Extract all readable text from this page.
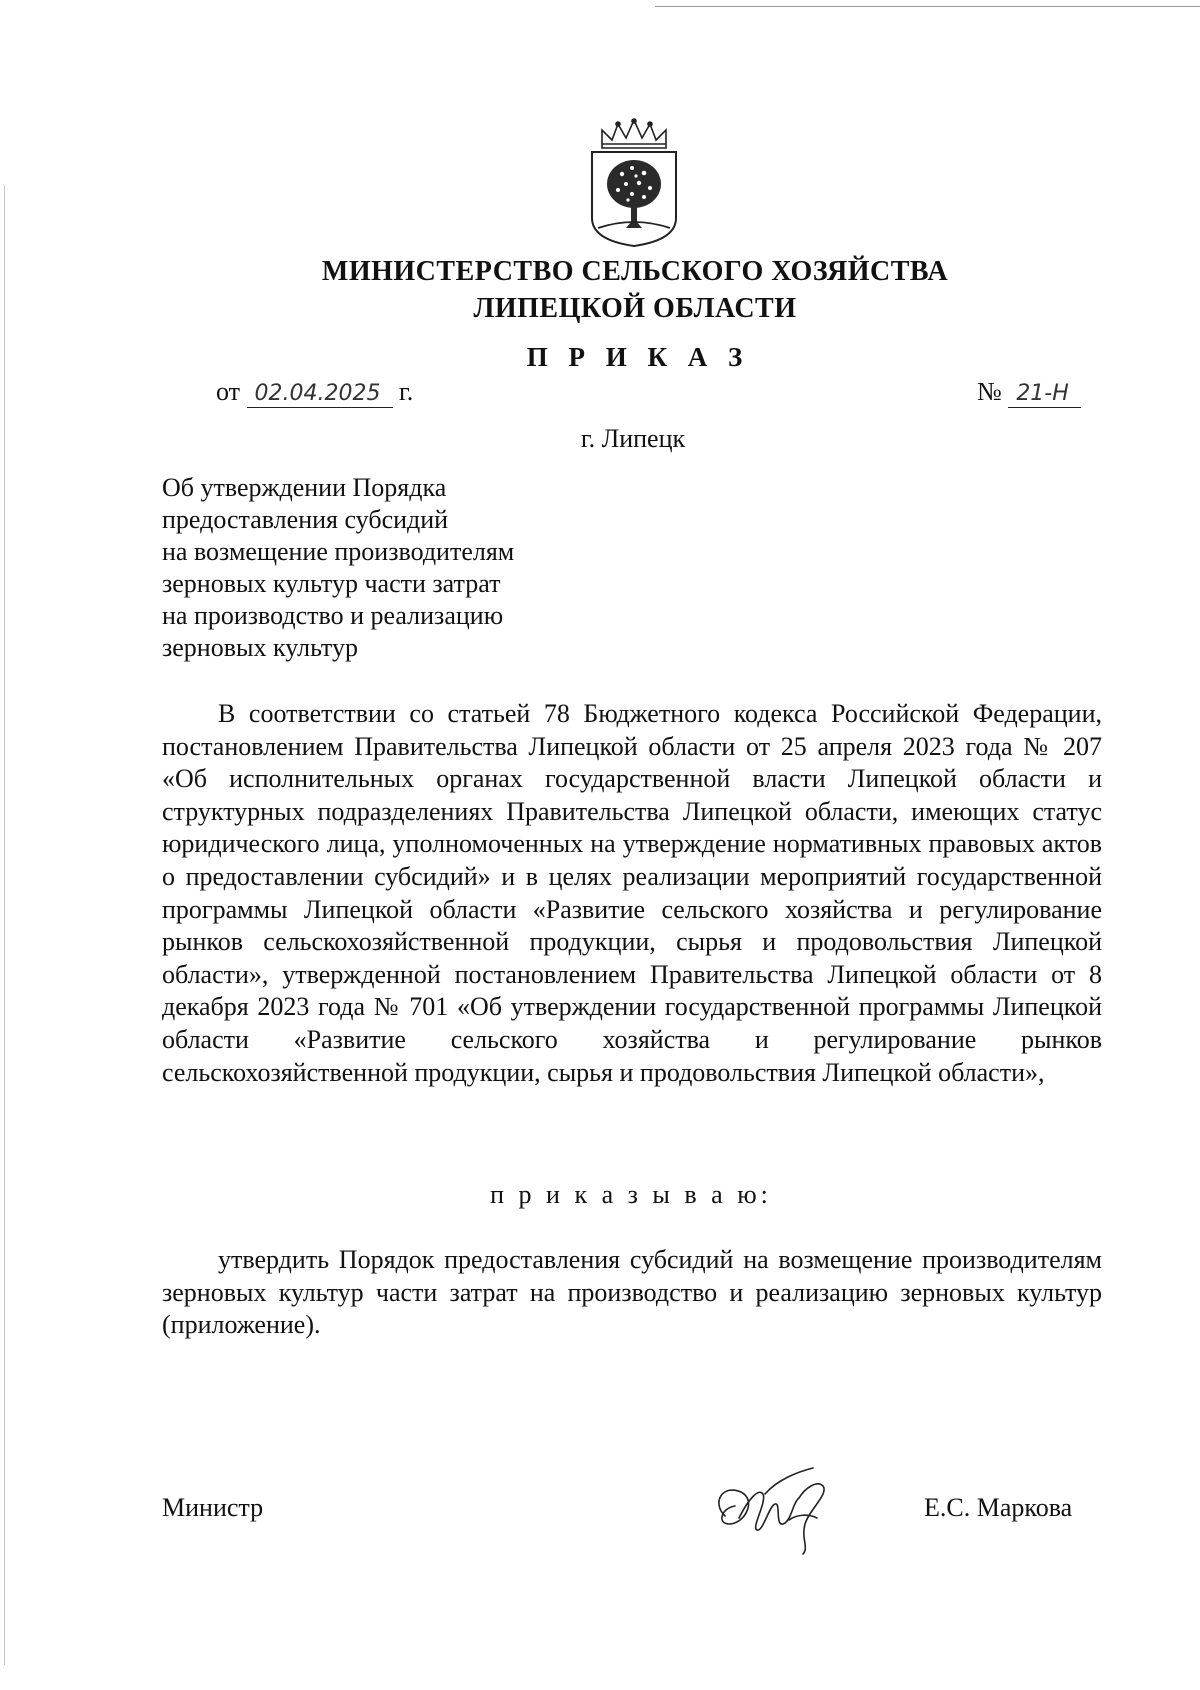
МИНИСТЕРСТВО СЕЛЬСКОГО ХОЗЯЙСТВА
ЛИПЕЦКОЙ ОБЛАСТИ
П Р И К А З
от 02.04.2025 г.	№ 21-Н
г. Липецк
Об утверждении Порядка
предоставления субсидий
на возмещение производителям
зерновых культур части затрат
на производство и реализацию
зерновых культур
В соответствии со статьей 78 Бюджетного кодекса Российской Федерации, постановлением Правительства Липецкой области от 25 апреля 2023 года № 207 «Об исполнительных органах государственной власти Липецкой области и структурных подразделениях Правительства Липецкой области, имеющих статус юридического лица, уполномоченных на утверждение нормативных правовых актов о предоставлении субсидий» и в целях реализации мероприятий государственной программы Липецкой области «Развитие сельского хозяйства и регулирование рынков сельскохозяйственной продукции, сырья и продовольствия Липецкой области», утвержденной постановлением Правительства Липецкой области от 8 декабря 2023 года № 701 «Об утверждении государственной программы Липецкой области «Развитие сельского хозяйства и регулирование рынков сельскохозяйственной продукции, сырья и продовольствия Липецкой области»,
п р и к а з ы в а ю:
утвердить Порядок предоставления субсидий на возмещение производителям зерновых культур части затрат на производство и реализацию зерновых культур (приложение).
Министр	Е.С. Маркова
